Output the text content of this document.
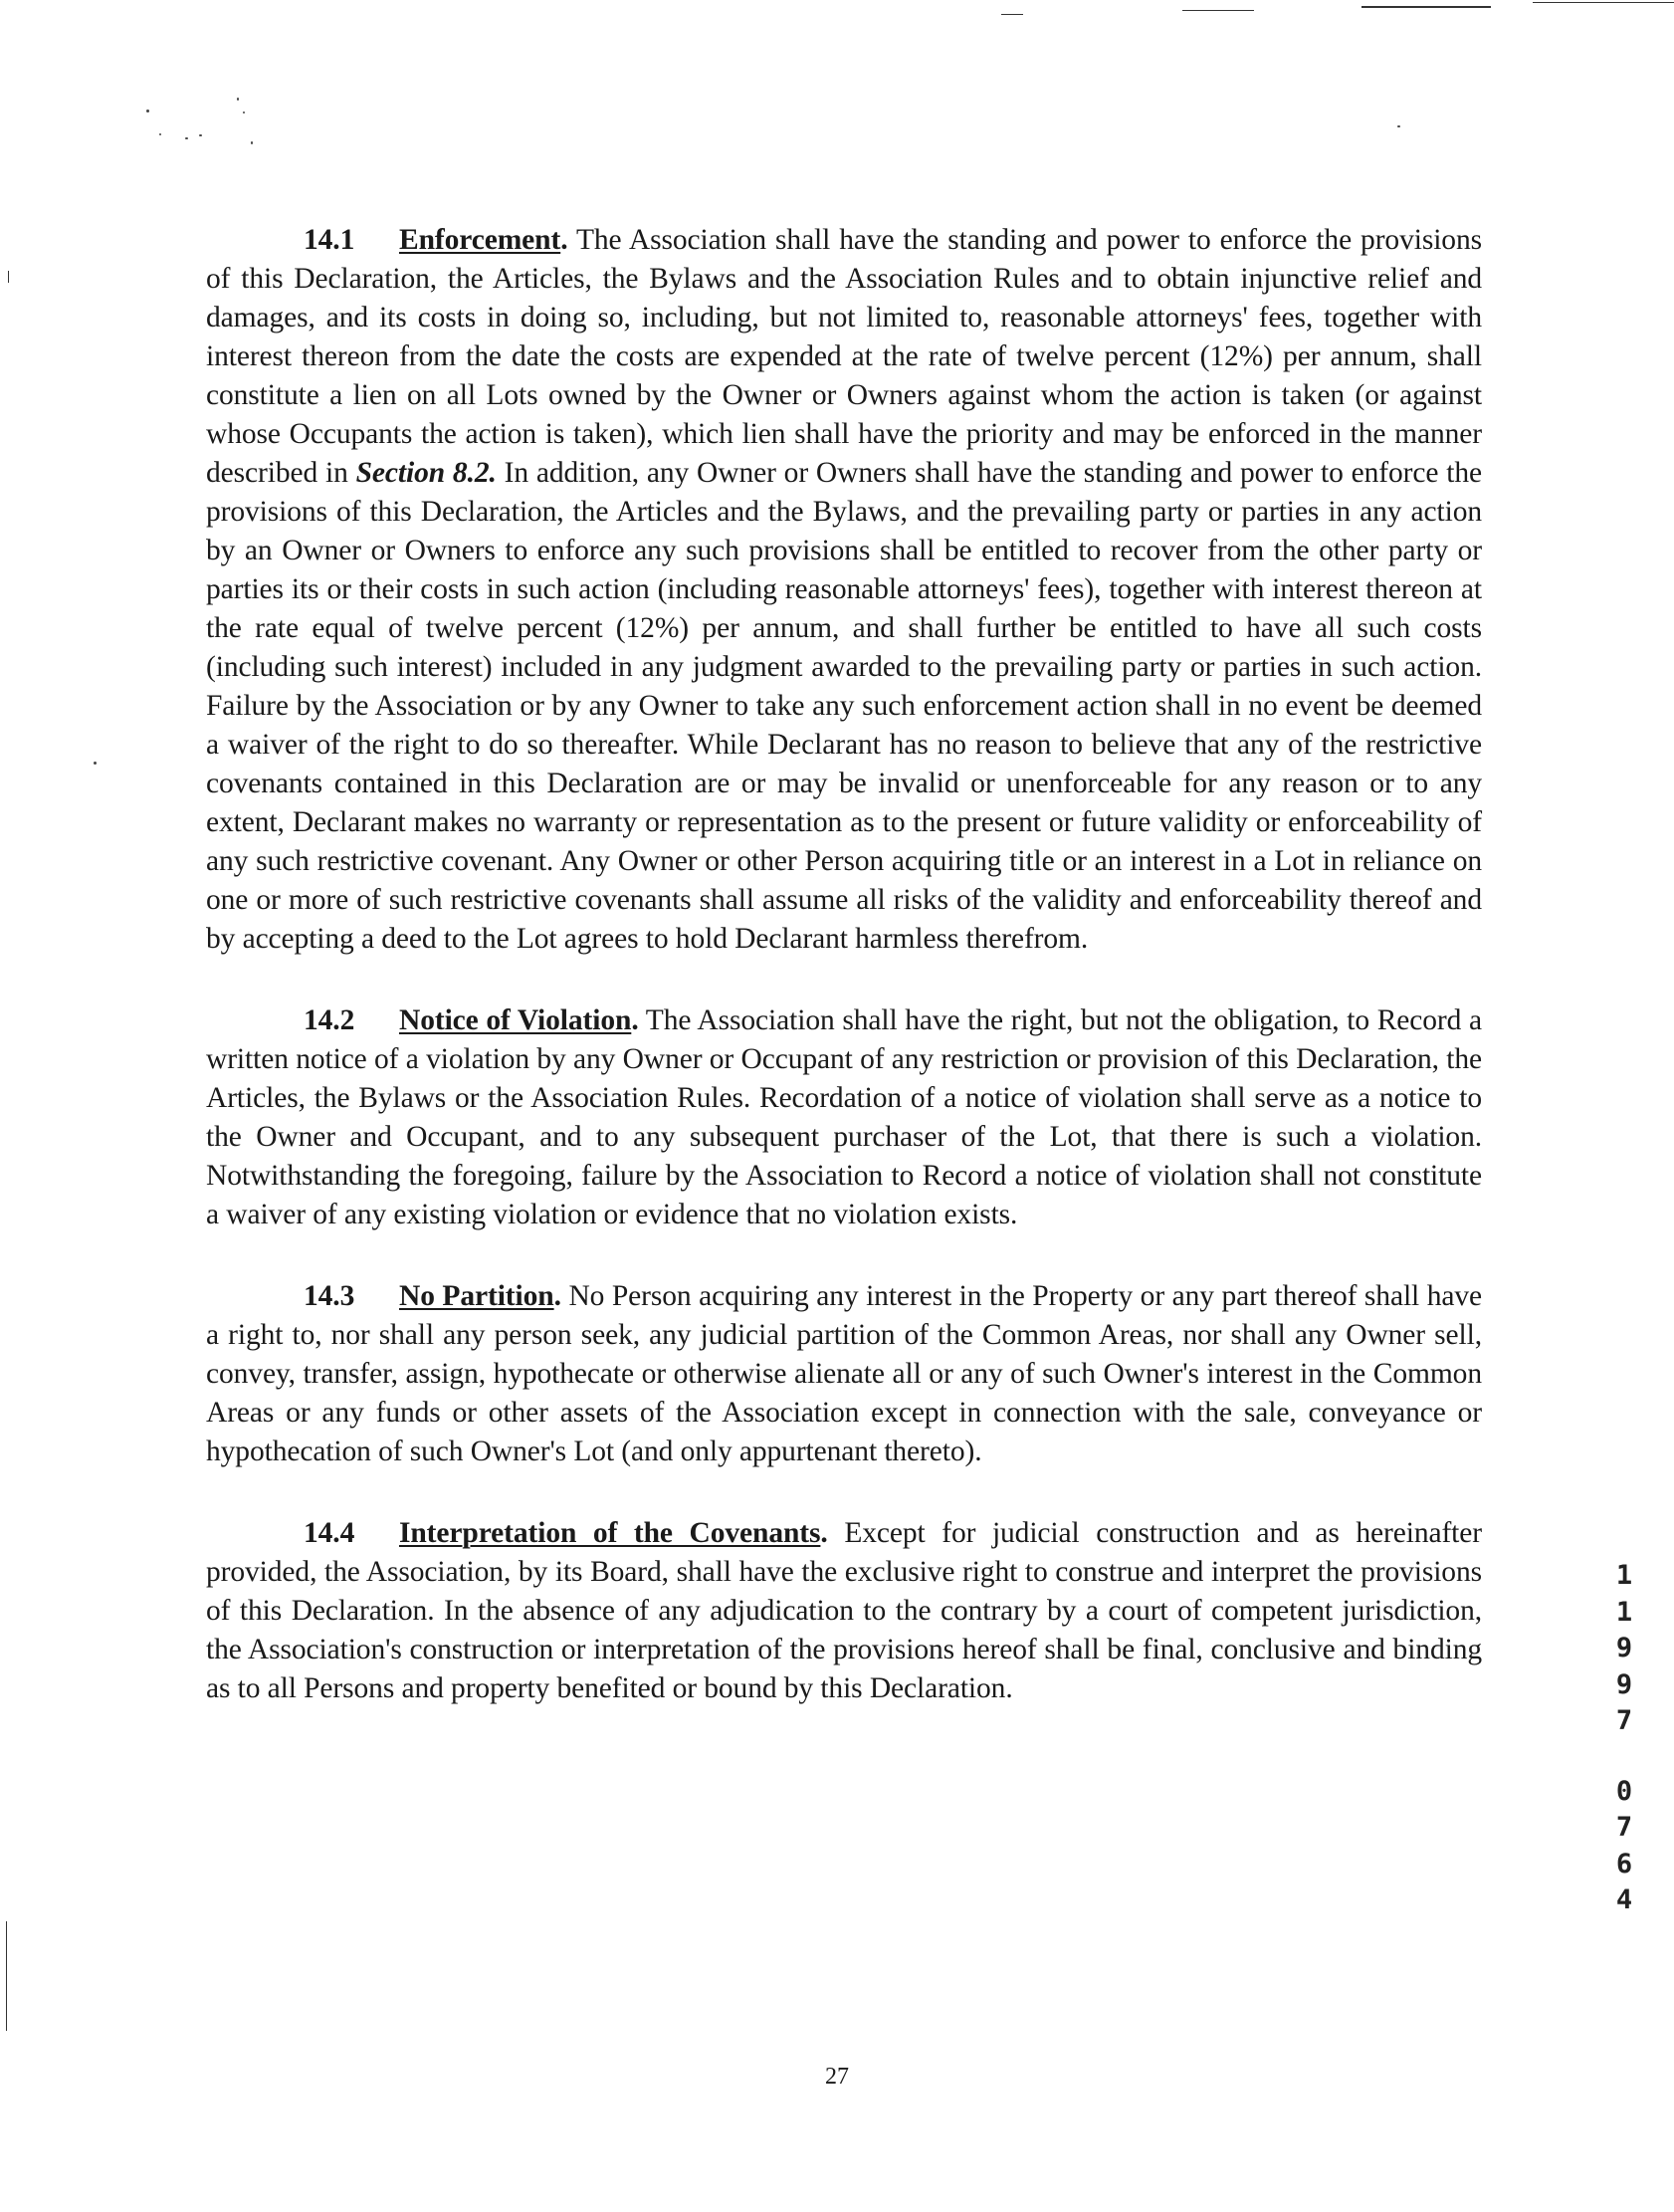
14.1 Enforcement. The Association shall have the standing and power to enforce the provisions of this Declaration, the Articles, the Bylaws and the Association Rules and to obtain injunctive relief and damages, and its costs in doing so, including, but not limited to, reasonable attorneys' fees, together with interest thereon from the date the costs are expended at the rate of twelve percent (12%) per annum, shall constitute a lien on all Lots owned by the Owner or Owners against whom the action is taken (or against whose Occupants the action is taken), which lien shall have the priority and may be enforced in the manner described in Section 8.2. In addition, any Owner or Owners shall have the standing and power to enforce the provisions of this Declaration, the Articles and the Bylaws, and the prevailing party or parties in any action by an Owner or Owners to enforce any such provisions shall be entitled to recover from the other party or parties its or their costs in such action (including reasonable attorneys' fees), together with interest thereon at the rate equal of twelve percent (12%) per annum, and shall further be entitled to have all such costs (including such interest) included in any judgment awarded to the prevailing party or parties in such action. Failure by the Association or by any Owner to take any such enforcement action shall in no event be deemed a waiver of the right to do so thereafter. While Declarant has no reason to believe that any of the restrictive covenants contained in this Declaration are or may be invalid or unenforceable for any reason or to any extent, Declarant makes no warranty or representation as to the present or future validity or enforceability of any such restrictive covenant. Any Owner or other Person acquiring title or an interest in a Lot in reliance on one or more of such restrictive covenants shall assume all risks of the validity and enforceability thereof and by accepting a deed to the Lot agrees to hold Declarant harmless therefrom.

14.2 Notice of Violation. The Association shall have the right, but not the obligation, to Record a written notice of a violation by any Owner or Occupant of any restriction or provision of this Declaration, the Articles, the Bylaws or the Association Rules. Recordation of a notice of violation shall serve as a notice to the Owner and Occupant, and to any subsequent purchaser of the Lot, that there is such a violation. Notwithstanding the foregoing, failure by the Association to Record a notice of violation shall not constitute a waiver of any existing violation or evidence that no violation exists.

14.3 No Partition. No Person acquiring any interest in the Property or any part thereof shall have a right to, nor shall any person seek, any judicial partition of the Common Areas, nor shall any Owner sell, convey, transfer, assign, hypothecate or otherwise alienate all or any of such Owner's interest in the Common Areas or any funds or other assets of the Association except in connection with the sale, conveyance or hypothecation of such Owner's Lot (and only appurtenant thereto).

14.4 Interpretation of the Covenants. Except for judicial construction and as hereinafter provided, the Association, by its Board, shall have the exclusive right to construe and interpret the provisions of this Declaration. In the absence of any adjudication to the contrary by a court of competent jurisdiction, the Association's construction or interpretation of the provisions hereof shall be final, conclusive and binding as to all Persons and property benefited or bound by this Declaration.

1
1
9
9
7
0
7
6
4
27
